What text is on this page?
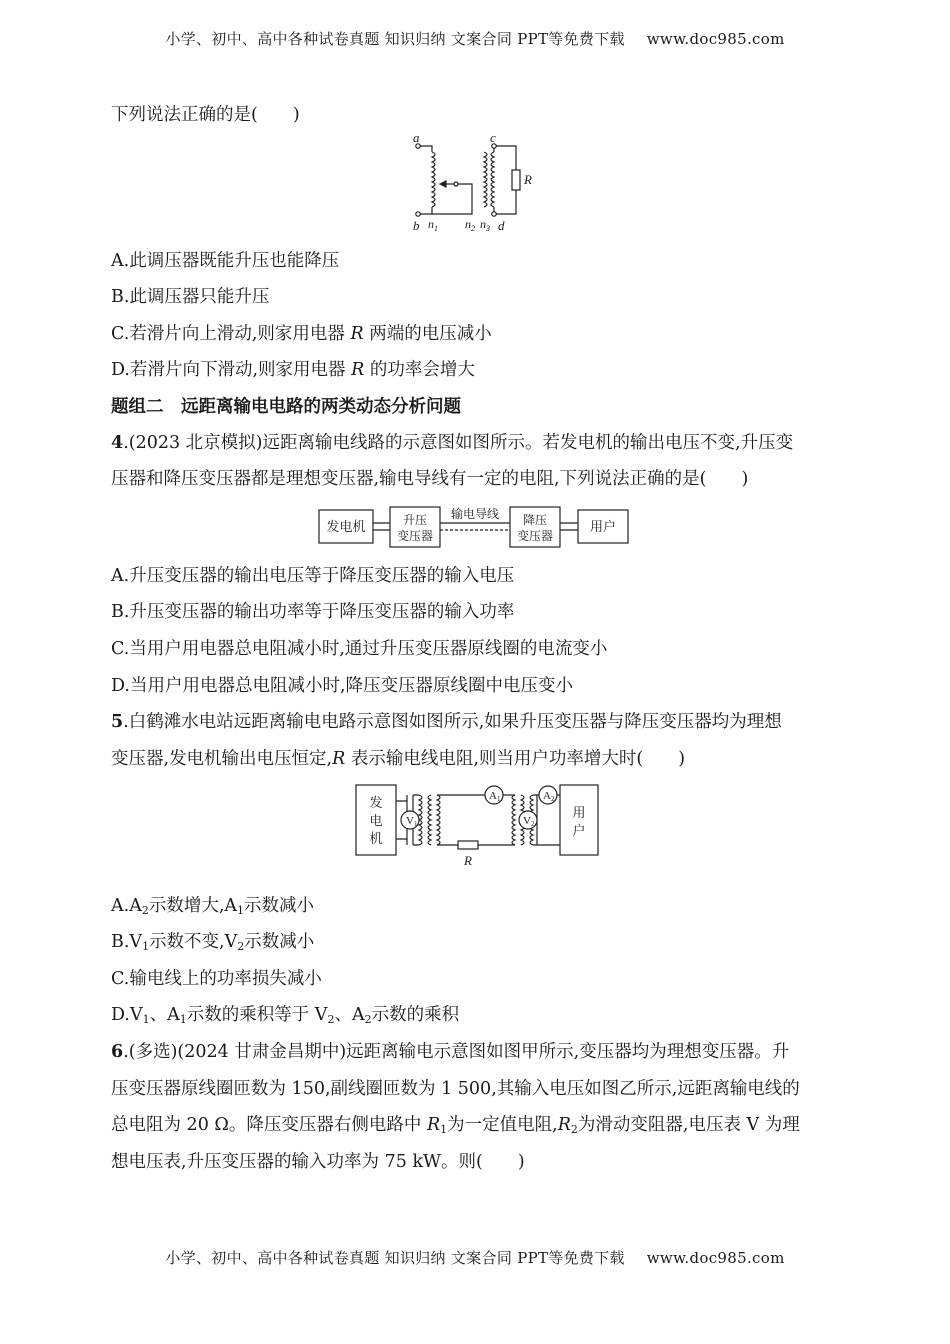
小学、初中、高中各种试卷真题 知识归纳 文案合同 PPT等免费下载 www.doc985.com
下列说法正确的是(　　)
a
b
c
d
R
$n_1$ $n_2$ $n_3$
A.此调压器既能升压也能降压
B.此调压器只能升压
C.若滑片向上滑动,则家用电器 R 两端的电压减小
D.若滑片向下滑动,则家用电器 R 的功率会增大
题组二　远距离输电电路的两类动态分析问题
4.(2023 北京模拟)远距离输电线路的示意图如图所示。若发电机的输出电压不变,升压变
压器和降压变压器都是理想变压器,输电导线有一定的电阻,下列说法正确的是(　　)
发电机	升压
变压器
输电导线 降压
变压器
用户
A.升压变压器的输出电压等于降压变压器的输入电压
B.升压变压器的输出功率等于降压变压器的输入功率
C.当用户用电器总电阻减小时,通过升压变压器原线圈的电流变小
D.当用户用电器总电阻减小时,降压变压器原线圈中电压变小
5.白鹤滩水电站远距离输电电路示意图如图所示,如果升压变压器与降压变压器均为理想
变压器,发电机输出电压恒定,R 表示输电线电阻,则当用户功率增大时(　　)
发
电
机
用
户
V1
A1
V2
A2
R
$A.A_2$示数增大$,A_1$示数减小
$B.V_1$示数不变$,V_2$示数减小
C.输电线上的功率损失减小
$D.V_1$、$A_1$示数的乘积等于 $V_2$、$A_2$示数的乘积
6.(多选)(2024 甘肃金昌期中)远距离输电示意图如图甲所示,变压器均为理想变压器。升
压变压器原线圈匝数为 150,副线圈匝数为 1 500,其输入电压如图乙所示,远距离输电线的
总电阻为 20 Ω。降压变压器右侧电路中 $R_1$为一定值电阻$,R_2$为滑动变阻器,电压表 V 为理
想电压表,升压变压器的输入功率为 75 kW。则(　　)
小学、初中、高中各种试卷真题 知识归纳 文案合同 PPT等免费下载 www.doc985.com
